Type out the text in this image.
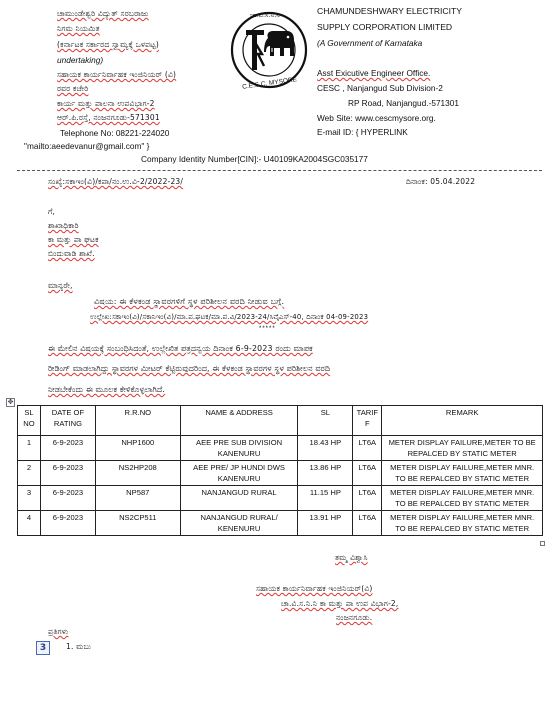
ಚಾಮುಂಡೇಶ್ವರಿ ವಿದ್ಯುತ್ ಸರಬರಾಜು
ನಿಗಮ ನಿಯಮಿತ
(ಕರ್ನಾಟಕ ಸರ್ಕಾರದ ಸ್ವಾಮ್ಯಕ್ಕೆ ಒಳಪಟ್ಟ)
undertaking)
ಸಹಾಯಕ ಕಾರ್ಯನಿರ್ವಾಹಕ ಇಂಜಿನಿಯರ್ (ವಿ)
ರವರ ಕಚೇರಿ
ಕಾರ್ಯ ಮತ್ತು ಪಾಲನಾ ಉಪವಿಭಾಗ-2
ಆರ್.ಪಿ.ರಸ್ತೆ, ನಂಜನಗೂಡು-571301
Telephone No: 08221-224020
"mailto:aeedevanur@gmail.com" }
ಚಾ.ವಿ.ಸ.ನಿ.ನಿ
C.E.S.C. MYSORE
CHAMUNDESHWARY ELECTRICITY
SUPPLY CORPORATION LIMITED
(A Government of Karnataka
Asst Exicutive Engineer Office.
CESC , Nanjangud Sub Division-2
RP Road, Nanjangud.-571301
Web Site: www.cescmysore.org.
E-mail ID: { HYPERLINK
Company Identity Number[CIN]:- U40109KA2004SGC035177
ಸಂಖ್ಯೆ:ಸಕಾಇಂ(ವಿ)/ಕಪಾ/ನಂ.ಉ.ವಿ-2/2022-23/	ದಿನಾಂಕ: 05.04.2022
ಗೆ,
ಶಾಖಾಧಿಕಾರಿ
ಕಾ ಮತ್ತು ಪಾ ಘಟಕ
ಬಿಂದುವಾಡಿ ಶಾಖೆ.
ಮಾನ್ಯರೇ,
ವಿಷಯ: ಈ ಕೆಳಕಂಡ ಸ್ಥಾವರಗಳಿಗೆ ಸ್ಥಳ ಪರಿಶೀಲನ ವರದಿ ನೀಡುವ ಬಗ್ಗೆ.
ಉಲ್ಲೇಖ:ಸಕಾಇಂ(ವಿ)/ಸಕಾನಿಇಂ(ವಿ)/ಮಾ.ಪ.ಘಟಕ/ಮಾ.ಪ.ವಿ/2023-24/ಸಿವೈಎಸ್-40, ದಿನಾಂಕ 04-09-2023
*****
ಈ ಮೇಲಿನ ವಿಷಯಕ್ಕೆ ಸಂಬಂಧಿಸಿದಂತೆ, ಉಲ್ಲೇಖಿತ ಪತ್ರದನ್ವಯ ದಿನಾಂಕ 6-9-2023 ರಂದು ಮಾಪಕ
ರೀಡಿಂಗ್ ಮಾಡಲಾಗಿದ್ದು ಸ್ಥಾವರಗಳ ಮೀಟರ್ ಕೆಟ್ಟಿರುವುದರಿಂದ, ಈ ಕೆಳಕಂಡ ಸ್ಥಾವರಗಳ ಸ್ಥಳ ಪರಿಶೀಲನ ವರದಿ
ನೀಡಬೇಕೆಂದು ಈ ಮೂಲಕ ಕೇಳಿಕೊಳ್ಳಲಾಗಿದೆ.
✥
SL
NO	DATE OF
RATING	R.R.NO	NAME & ADDRESS	SL	TARIF
F	REMARK
1	6-9-2023	NHP1600	AEE PRE SUB DIVISION
KANENURU	18.43 HP	LT6A	METER DISPLAY FAILURE,METER TO BE
REPALCED BY STATIC METER
2	6-9-2023	NS2HP208	AEE PRE/ JP HUNDI DWS
KANENURU	13.86 HP	LT6A	METER DISPLAY FAILURE,METER MNR.
TO BE REPALCED BY STATIC METER
3	6-9-2023	NP587	NANJANGUD RURAL	11.15 HP	LT6A	METER DISPLAY FAILURE,METER MNR.
TO BE REPALCED BY STATIC METER
4	6-9-2023	NS2CP511	NANJANGUD RURAL/
KENENURU	13.91 HP	LT6A	METER DISPLAY FAILURE,METER MNR.
TO BE REPALCED BY STATIC METER
ತಮ್ಮ ವಿಶ್ವಾಸಿ
ಸಹಾಯಕ ಕಾರ್ಯನಿರ್ವಾಹಕ ಇಂಜಿನಿಯರ್(ವಿ)
ಚಾ.ವಿ.ಸ.ನಿ.ನಿ ಕಾ ಮತ್ತು ಪಾ ಉಪ ವಿಭಾಗ-2,
ನಂಜನಗೂಡು.
ಪ್ರತಿಗಳು
1. ಮಬು
3
